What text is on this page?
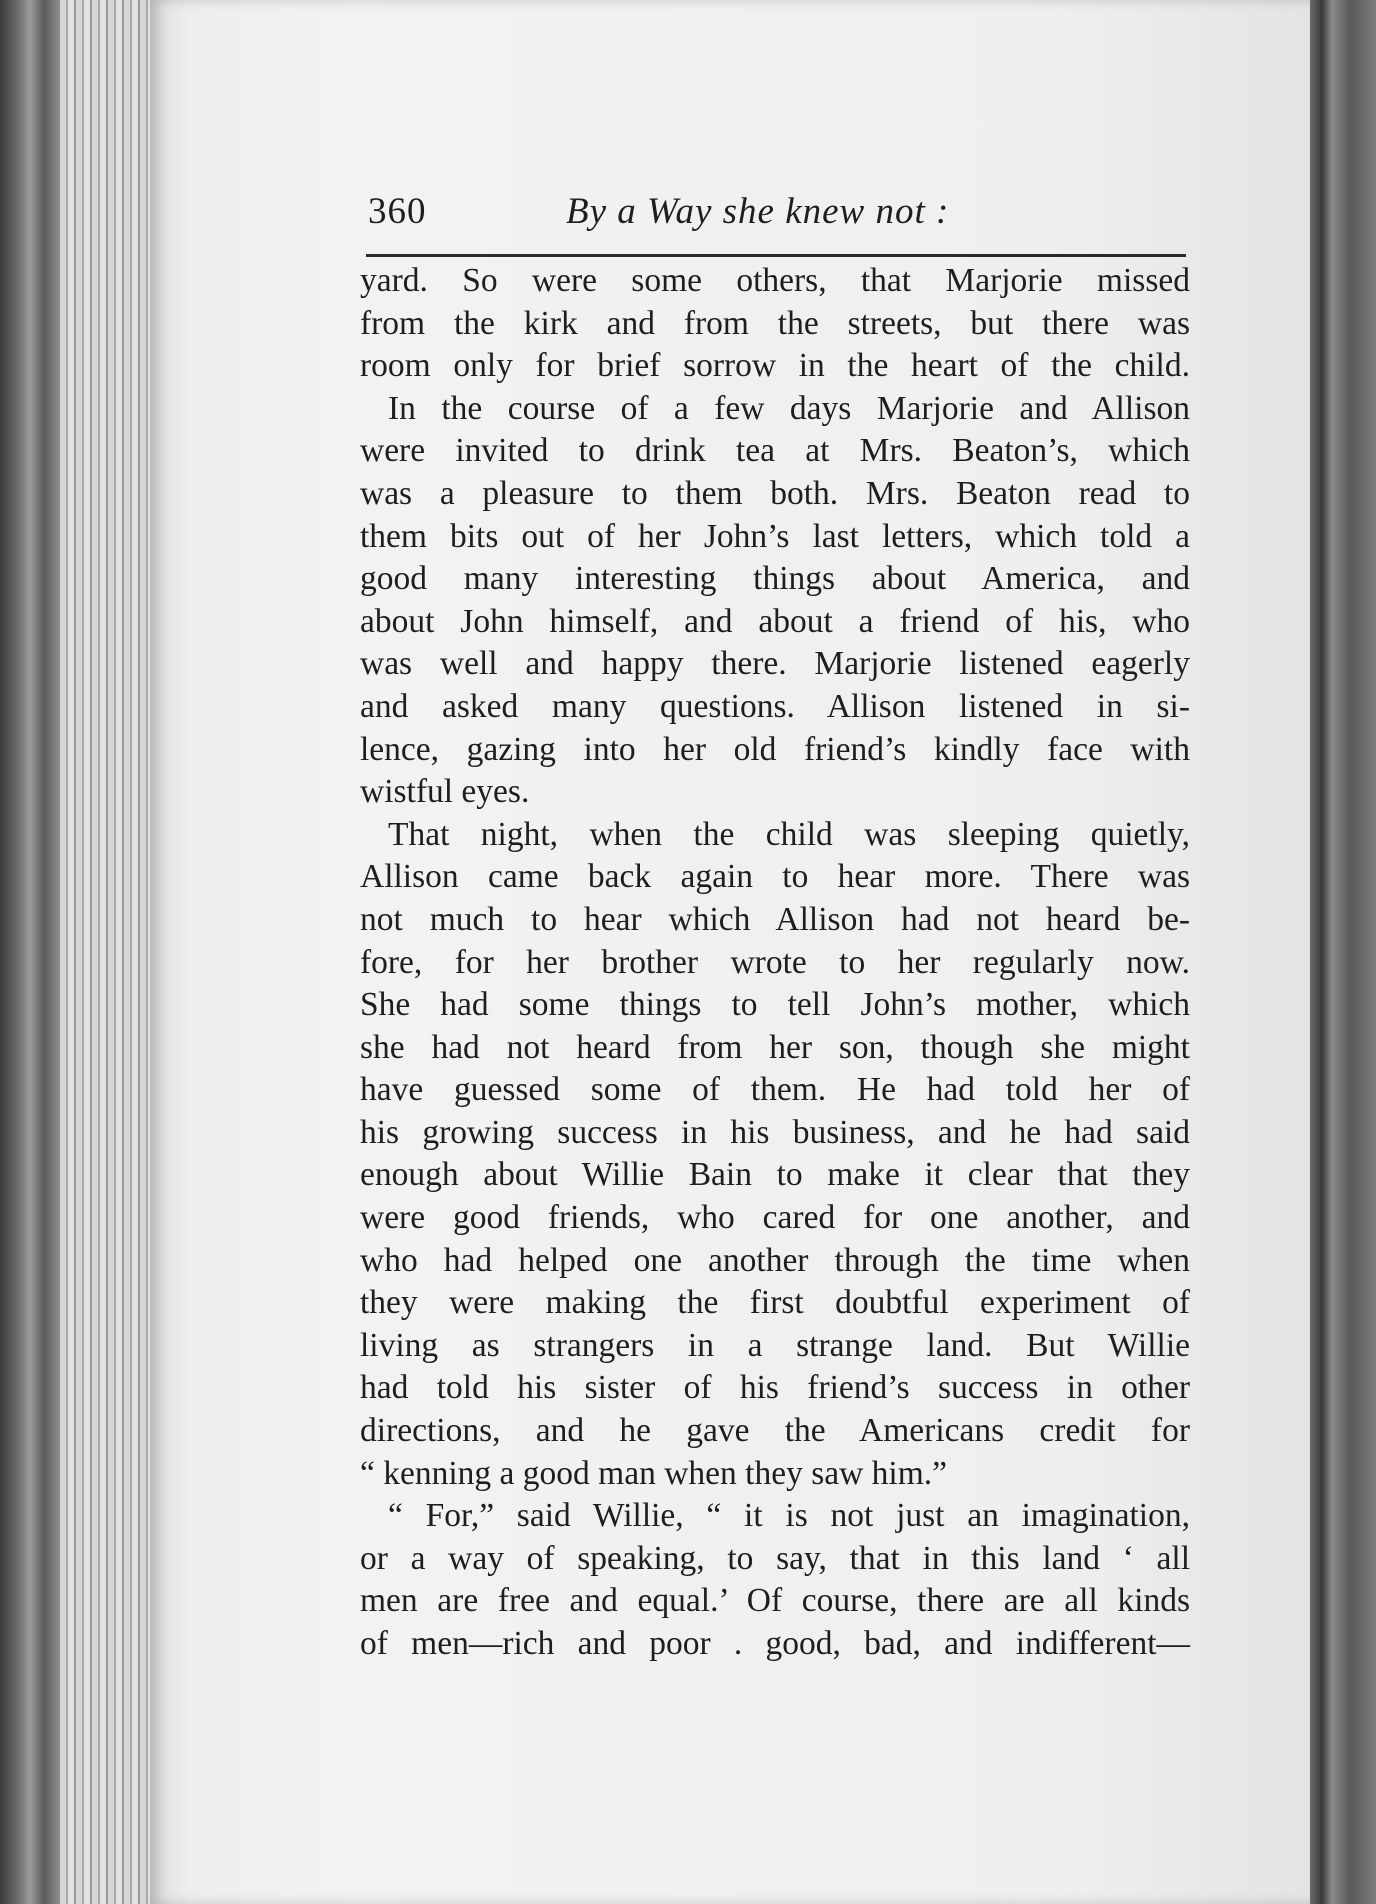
360	By a Way she knew not :
yard. So were some others, that Marjorie missed
from the kirk and from the streets, but there was
room only for brief sorrow in the heart of the child.
In the course of a few days Marjorie and Allison
were invited to drink tea at Mrs. Beaton’s, which
was a pleasure to them both. Mrs. Beaton read to
them bits out of her John’s last letters, which told a
good many interesting things about America, and
about John himself, and about a friend of his, who
was well and happy there. Marjorie listened eagerly
and asked many questions. Allison listened in si-
lence, gazing into her old friend’s kindly face with
wistful eyes.
That night, when the child was sleeping quietly,
Allison came back again to hear more. There was
not much to hear which Allison had not heard be-
fore, for her brother wrote to her regularly now.
She had some things to tell John’s mother, which
she had not heard from her son, though she might
have guessed some of them. He had told her of
his growing success in his business, and he had said
enough about Willie Bain to make it clear that they
were good friends, who cared for one another, and
who had helped one another through the time when
they were making the first doubtful experiment of
living as strangers in a strange land. But Willie
had told his sister of his friend’s success in other
directions, and he gave the Americans credit for
“ kenning a good man when they saw him.”
“ For,” said Willie, “ it is not just an imagination,
or a way of speaking, to say, that in this land ‘ all
men are free and equal.’ Of course, there are all kinds
of men—rich and poor . good, bad, and indifferent—
